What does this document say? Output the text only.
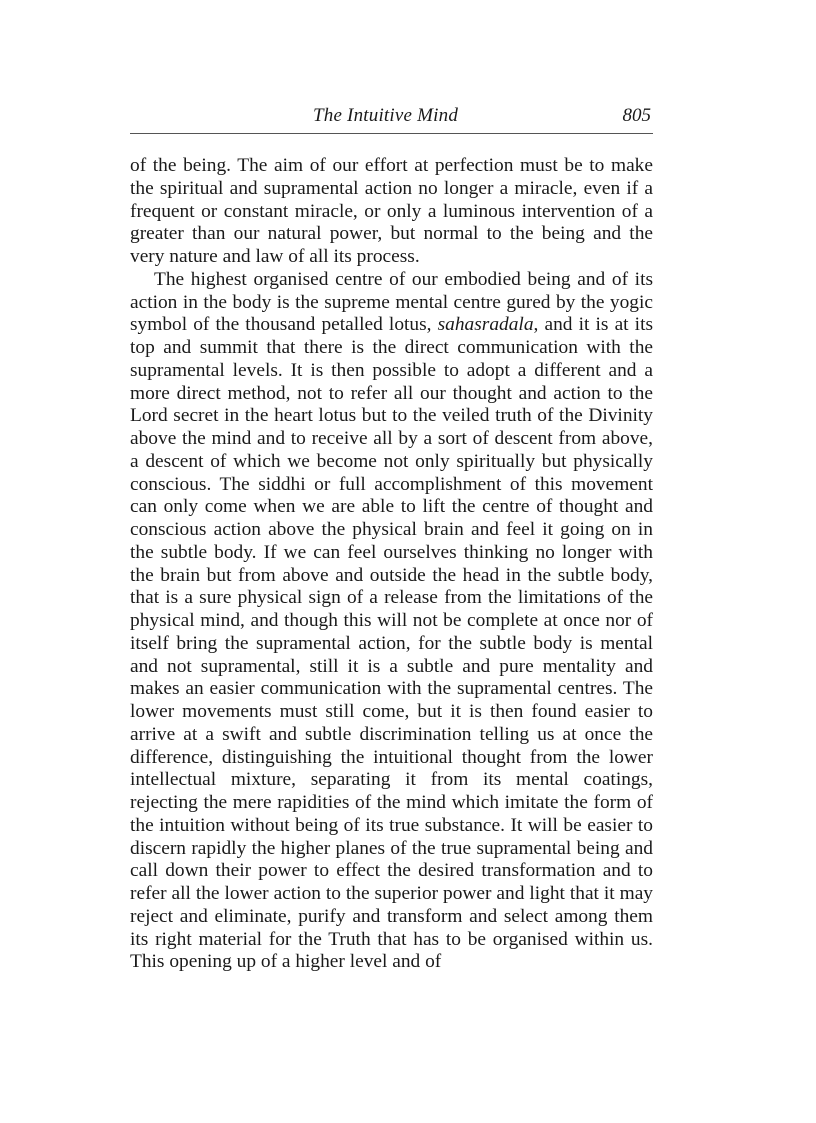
The Intuitive Mind	805

of the being. The aim of our effort at perfection must be to make the spiritual and supramental action no longer a miracle, even if a frequent or constant miracle, or only a luminous intervention of a greater than our natural power, but normal to the being and the very nature and law of all its process.

The highest organised centre of our embodied being and of its action in the body is the supreme mental centre gured by the yogic symbol of the thousand petalled lotus, sahasradala, and it is at its top and summit that there is the direct communication with the supramental levels. It is then possible to adopt a different and a more direct method, not to refer all our thought and action to the Lord secret in the heart lotus but to the veiled truth of the Divinity above the mind and to receive all by a sort of descent from above, a descent of which we become not only spiritually but physically conscious. The siddhi or full accomplishment of this movement can only come when we are able to lift the centre of thought and conscious action above the physical brain and feel it going on in the subtle body. If we can feel ourselves thinking no longer with the brain but from above and outside the head in the subtle body, that is a sure physical sign of a release from the limitations of the physical mind, and though this will not be complete at once nor of itself bring the supramental action, for the subtle body is mental and not supramental, still it is a subtle and pure mentality and makes an easier communication with the supramental centres. The lower movements must still come, but it is then found easier to arrive at a swift and subtle discrimination telling us at once the difference, distinguishing the intuitional thought from the lower intellectual mixture, separating it from its mental coatings, rejecting the mere rapidities of the mind which imitate the form of the intuition without being of its true substance. It will be easier to discern rapidly the higher planes of the true supramental being and call down their power to effect the desired transformation and to refer all the lower action to the superior power and light that it may reject and eliminate, purify and transform and select among them its right material for the Truth that has to be organised within us. This opening up of a higher level and of
